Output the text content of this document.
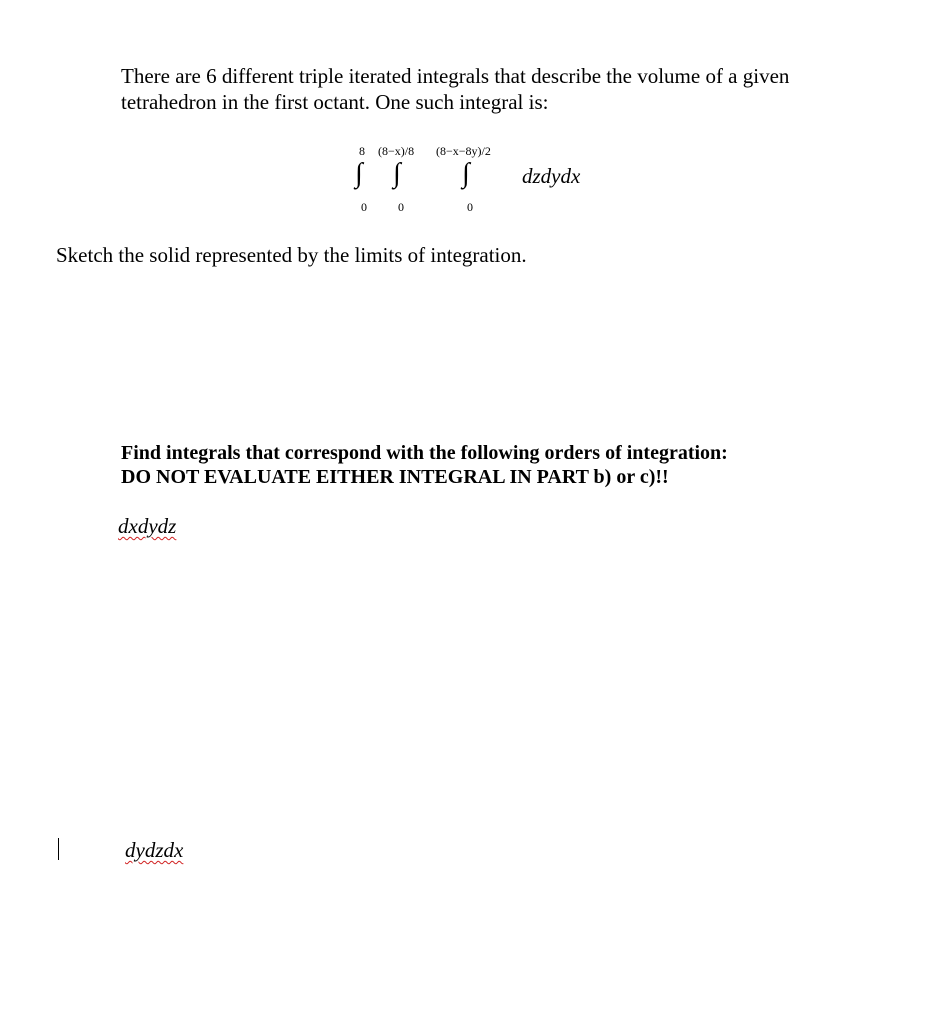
There are 6 different triple iterated integrals that describe the volume of a given
tetrahedron in the first octant. One such integral is:
8 (8−x)/8 (8−x−8y)/2
∫ ∫ ∫
0	0	0
dzdydx

Sketch the solid represented by the limits of integration.

Find integrals that correspond with the following orders of integration:
DO NOT EVALUATE EITHER INTEGRAL IN PART b) or c)!!
dxdydz
dydzdx
